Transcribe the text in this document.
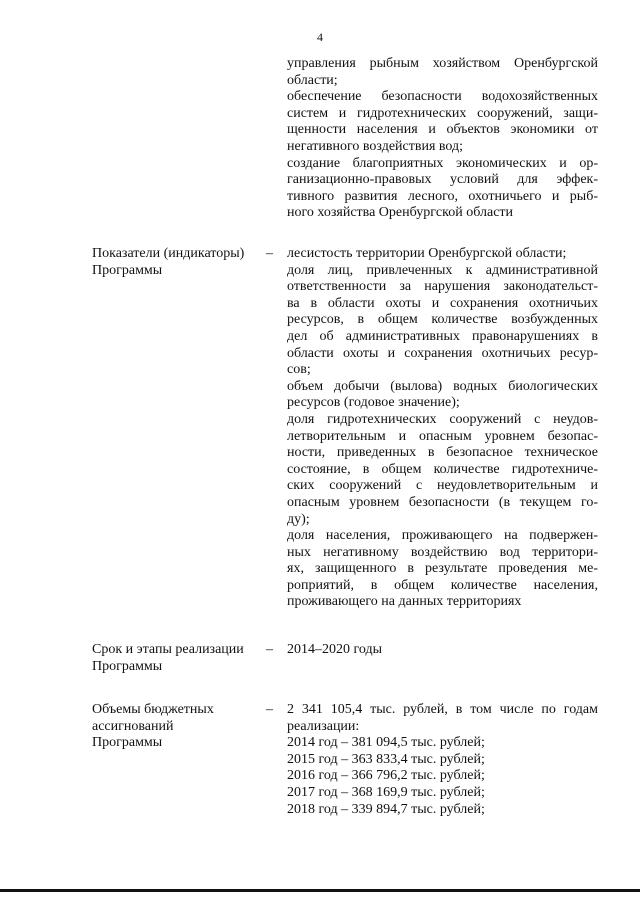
4
управления рыбным хозяйством Оренбургской
области;
обеспечение безопасности водохозяйственных
систем и гидротехнических сооружений, защи-
щенности населения и объектов экономики от
негативного воздействия вод;
создание благоприятных экономических и ор-
ганизационно-правовых условий для эффек-
тивного развития лесного, охотничьего и рыб-
ного хозяйства Оренбургской области
Показатели (индикаторы)
Программы
– лесистость территории Оренбургской области;
доля лиц, привлеченных к административной
ответственности за нарушения законодательст-
ва в области охоты и сохранения охотничьих
ресурсов, в общем количестве возбужденных
дел об административных правонарушениях в
области охоты и сохранения охотничьих ресур-
сов;
объем добычи (вылова) водных биологических
ресурсов (годовое значение);
доля гидротехнических сооружений с неудов-
летворительным и опасным уровнем безопас-
ности, приведенных в безопасное техническое
состояние, в общем количестве гидротехниче-
ских сооружений с неудовлетворительным и
опасным уровнем безопасности (в текущем го-
ду);
доля населения, проживающего на подвержен-
ных негативному воздействию вод территори-
ях, защищенного в результате проведения ме-
роприятий, в общем количестве населения,
проживающего на данных территориях
Срок и этапы реализации
Программы
– 2014–2020 годы
Объемы бюджетных
ассигнований
Программы
– 2 341 105,4 тыс. рублей, в том числе по годам
реализации:
2014 год – 381 094,5 тыс. рублей;
2015 год – 363 833,4 тыс. рублей;
2016 год – 366 796,2 тыс. рублей;
2017 год – 368 169,9 тыс. рублей;
2018 год – 339 894,7 тыс. рублей;
